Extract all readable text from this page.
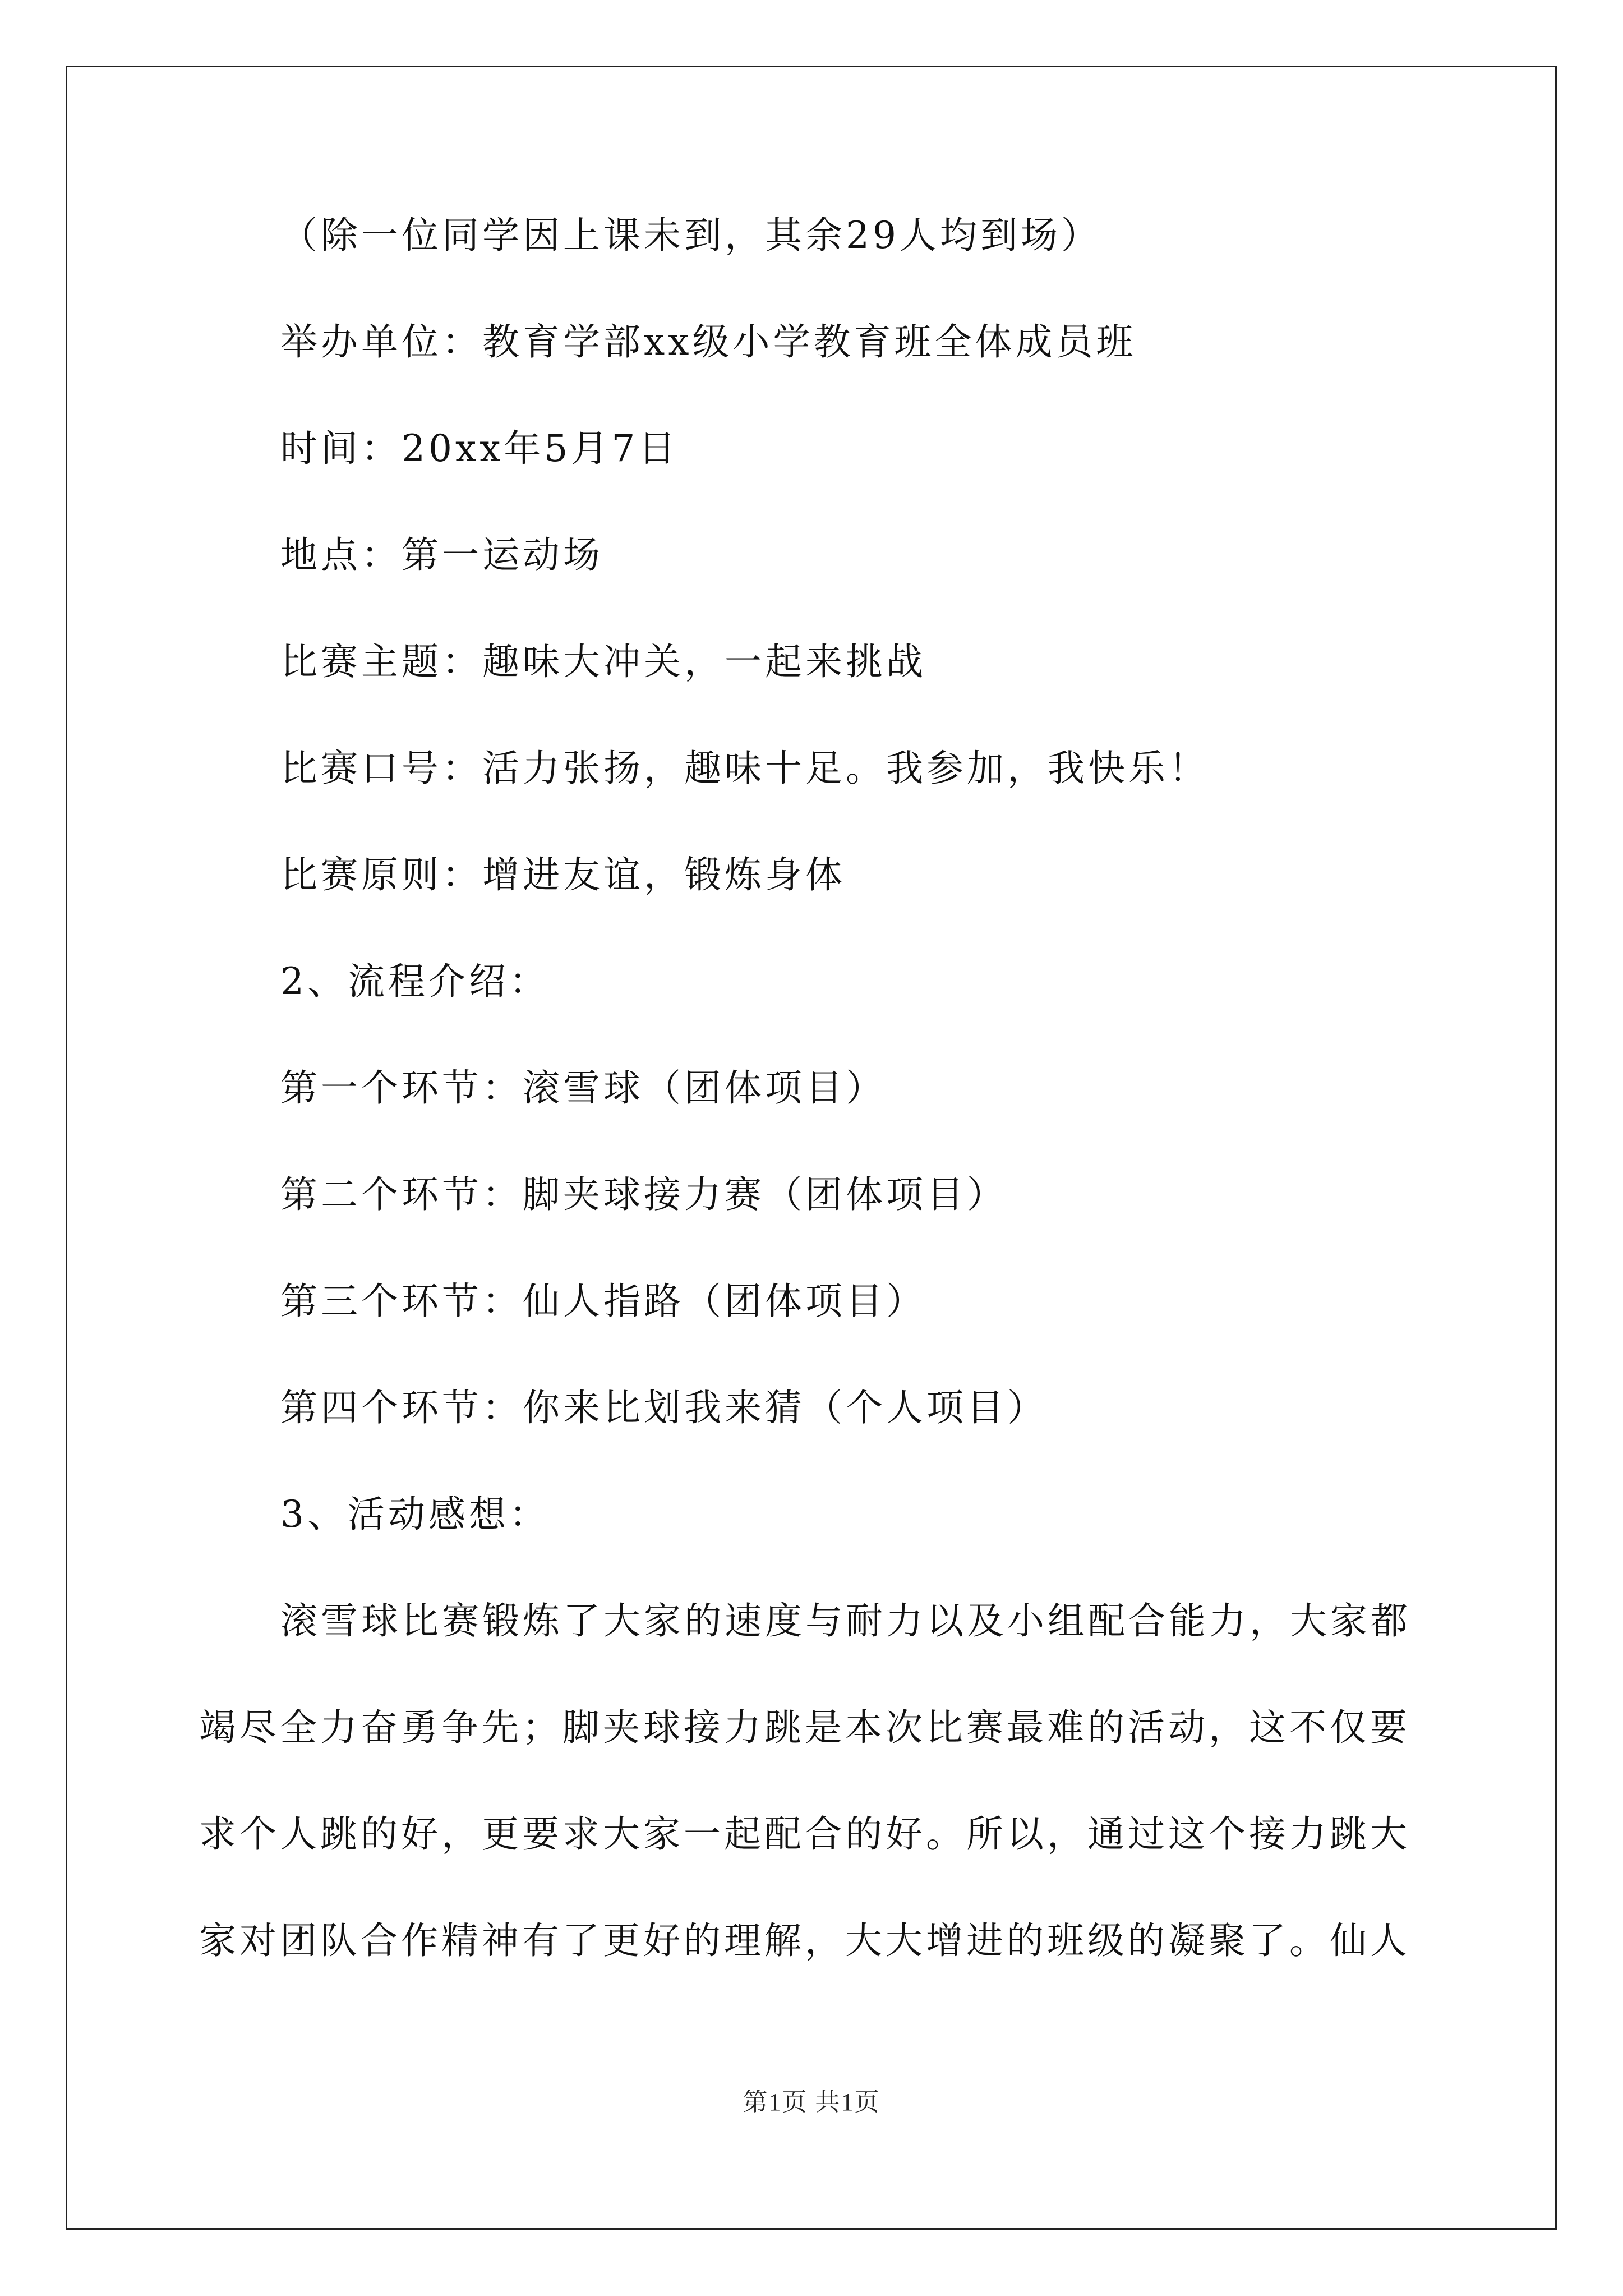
（除一位同学因上课未到，其余29人均到场）
举办单位：教育学部xx级小学教育班全体成员班
时间：20xx年5月7日
地点：第一运动场
比赛主题：趣味大冲关，一起来挑战
比赛口号：活力张扬，趣味十足。我参加，我快乐！
比赛原则：增进友谊，锻炼身体
2、流程介绍：
第一个环节：滚雪球（团体项目）
第二个环节：脚夹球接力赛（团体项目）
第三个环节：仙人指路（团体项目）
第四个环节：你来比划我来猜（个人项目）
3、活动感想：
滚雪球比赛锻炼了大家的速度与耐力以及小组配合能力，大家都
竭尽全力奋勇争先；脚夹球接力跳是本次比赛最难的活动，这不仅要
求个人跳的好，更要求大家一起配合的好。所以，通过这个接力跳大
家对团队合作精神有了更好的理解，大大增进的班级的凝聚了。仙人
第1页 共1页
